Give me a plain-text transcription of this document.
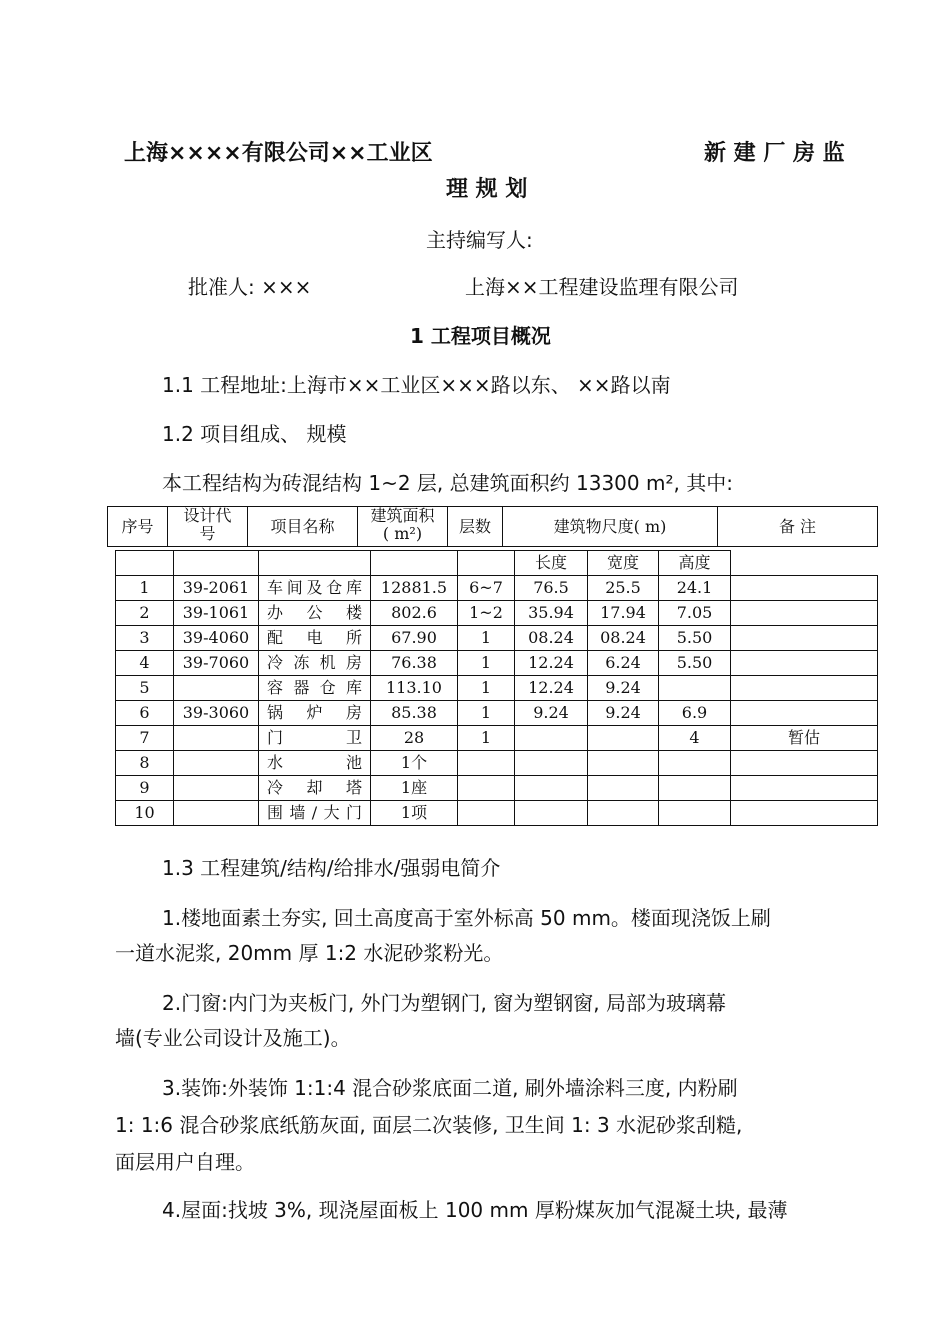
上海××××有限公司××工业区	新 建 厂 房 监
理 规 划
主持编写人:
批准人: ×××	上海××工程建设监理有限公司
1 工程项目概况
1.1 工程地址:上海市××工业区×××路以东、 ××路以南
1.2 项目组成、 规模
本工程结构为砖混结构 1~2 层, 总建筑面积约 13300 m², 其中:
序号	设计代号	项目名称	建筑面积( m²)	层数	建筑物尺度( m)	备 注
					长度	宽度	高度	
1	39-2061	车间及仓库	12881.5	6~7	76.5	25.5	24.1	
2	39-1061	办 公 楼	802.6	1~2	35.94	17.94	7.05	
3	39-4060	配 电 所	67.90	1	08.24	08.24	5.50	
4	39-7060	冷冻机房	76.38	1	12.24	6.24	5.50	
5		容器仓库	113.10	1	12.24	9.24		
6	39-3060	锅 炉 房	85.38	1	9.24	9.24	6.9	
7		门 卫	28	1			4	暂估
8		水 池	1个					
9		冷 却 塔	1座					
10		围墙/大门	1项					
1.3 工程建筑/结构/给排水/强弱电简介
1.楼地面素土夯实, 回土高度高于室外标高 50 mm。楼面现浇饭上刷
一道水泥浆, 20mm 厚 1:2 水泥砂浆粉光。
2.门窗:内门为夹板门, 外门为塑钢门, 窗为塑钢窗, 局部为玻璃幕
墙(专业公司设计及施工)。
3.装饰:外装饰 1:1:4 混合砂浆底面二道, 刷外墙涂料三度, 内粉刷
1: 1:6 混合砂浆底纸筋灰面, 面层二次装修, 卫生间 1: 3 水泥砂浆刮糙,
面层用户自理。
4.屋面:找坡 3%, 现浇屋面板上 100 mm 厚粉煤灰加气混凝土块, 最薄
